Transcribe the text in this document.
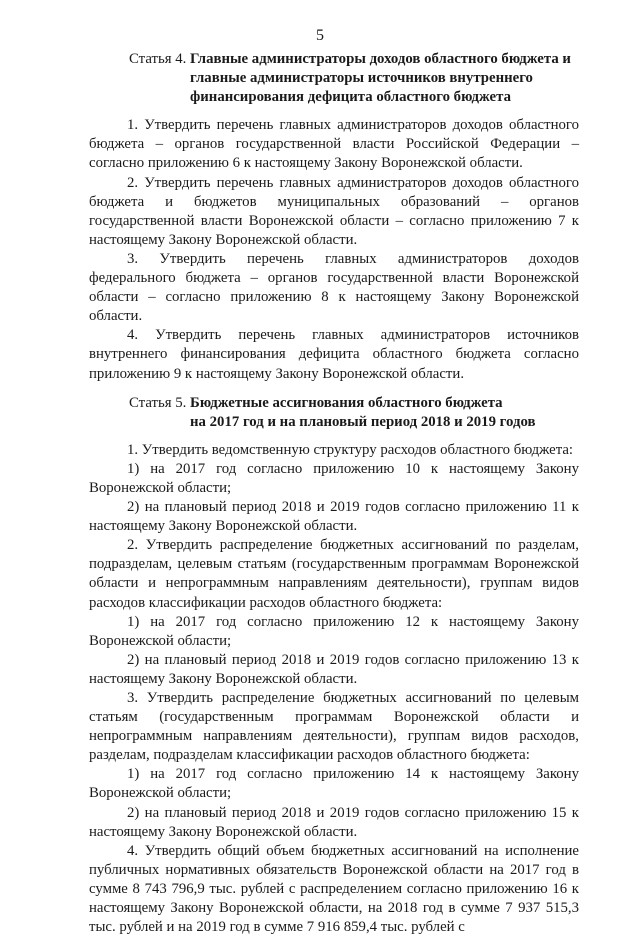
5
Статья 4. Главные администраторы доходов областного бюджета и главные администраторы источников внутреннего финансирования дефицита областного бюджета

1. Утвердить перечень главных администраторов доходов областного бюджета – органов государственной власти Российской Федерации – согласно приложению 6 к настоящему Закону Воронежской области.

2. Утвердить перечень главных администраторов доходов областного бюджета и бюджетов муниципальных образований – органов государственной власти Воронежской области – согласно приложению 7 к настоящему Закону Воронежской области.

3. Утвердить перечень главных администраторов доходов федерального бюджета – органов государственной власти Воронежской области – согласно приложению 8 к настоящему Закону Воронежской области.

4. Утвердить перечень главных администраторов источников внутреннего финансирования дефицита областного бюджета согласно приложению 9 к настоящему Закону Воронежской области.

Статья 5. Бюджетные ассигнования областного бюджета
на 2017 год и на плановый период 2018 и 2019 годов

1. Утвердить ведомственную структуру расходов областного бюджета:

1) на 2017 год согласно приложению 10 к настоящему Закону Воронежской области;

2) на плановый период 2018 и 2019 годов согласно приложению 11 к настоящему Закону Воронежской области.

2. Утвердить распределение бюджетных ассигнований по разделам, подразделам, целевым статьям (государственным программам Воронежской области и непрограммным направлениям деятельности), группам видов расходов классификации расходов областного бюджета:

1) на 2017 год согласно приложению 12 к настоящему Закону Воронежской области;

2) на плановый период 2018 и 2019 годов согласно приложению 13 к настоящему Закону Воронежской области.

3. Утвердить распределение бюджетных ассигнований по целевым статьям (государственным программам Воронежской области и непрограммным направлениям деятельности), группам видов расходов, разделам, подразделам классификации расходов областного бюджета:

1) на 2017 год согласно приложению 14 к настоящему Закону Воронежской области;

2) на плановый период 2018 и 2019 годов согласно приложению 15 к настоящему Закону Воронежской области.

4. Утвердить общий объем бюджетных ассигнований на исполнение публичных нормативных обязательств Воронежской области на 2017 год в сумме 8 743 796,9 тыс. рублей с распределением согласно приложению 16 к настоящему Закону Воронежской области, на 2018 год в сумме 7 937 515,3 тыс. рублей и на 2019 год в сумме 7 916 859,4 тыс. рублей с
